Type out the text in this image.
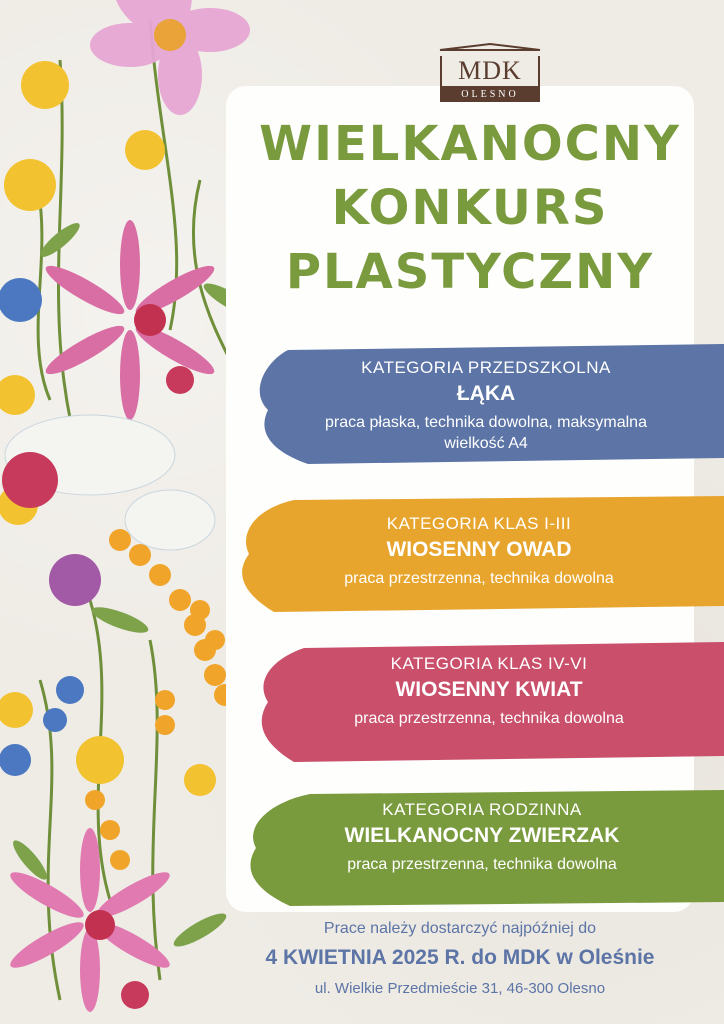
MDK
OLESNO
WIELKANOCNY
KONKURS
PLASTYCZNY
KATEGORIA PRZEDSZKOLNA
ŁĄKA
praca płaska, technika dowolna, maksymalna
wielkość A4
KATEGORIA KLAS I-III
WIOSENNY OWAD
praca przestrzenna, technika dowolna
KATEGORIA KLAS IV-VI
WIOSENNY KWIAT
praca przestrzenna, technika dowolna
KATEGORIA RODZINNA
WIELKANOCNY ZWIERZAK
praca przestrzenna, technika dowolna
Prace należy dostarczyć najpóźniej do
4 KWIETNIA 2025 R. do MDK w Oleśnie
ul. Wielkie Przedmieście 31, 46-300 Olesno
